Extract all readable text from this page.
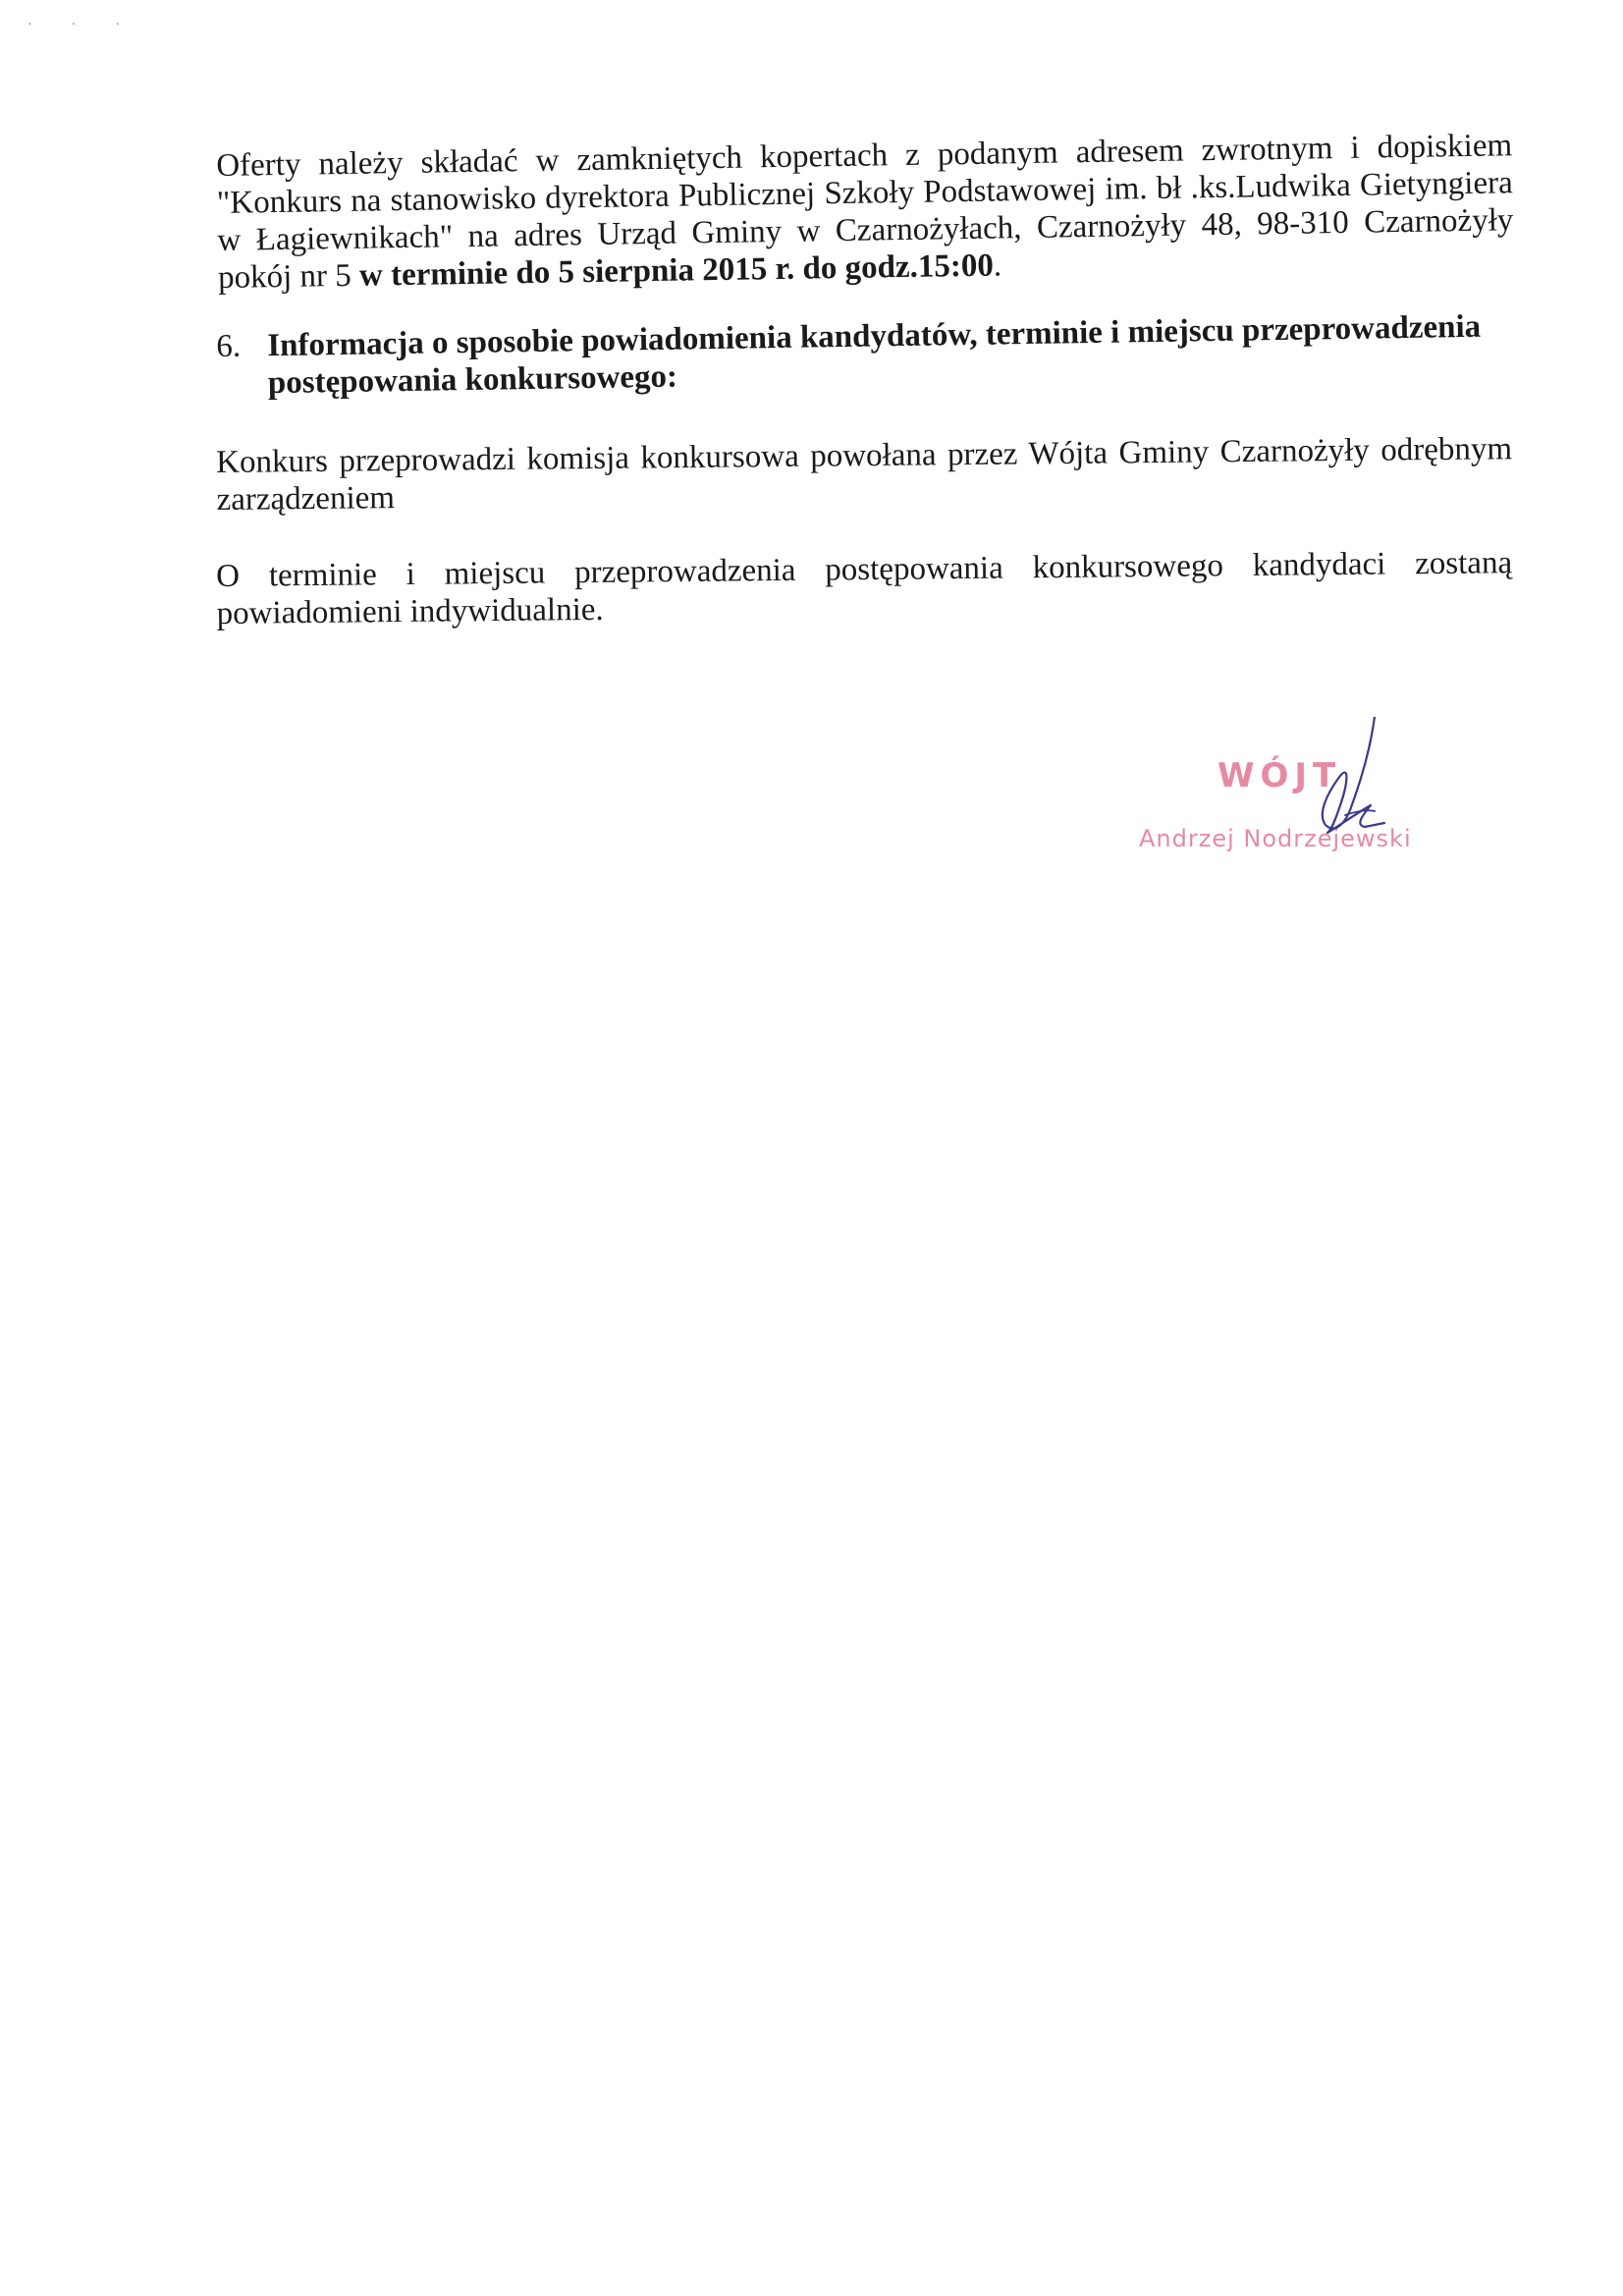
···

Oferty należy składać w zamkniętych kopertach z podanym adresem zwrotnym i dopiskiem "Konkurs na stanowisko dyrektora Publicznej Szkoły Podstawowej im. bł .ks.Ludwika Gietyngiera w Łagiewnikach" na adres Urząd Gminy w Czarnożyłach, Czarnożyły 48, 98-310 Czarnożyły pokój nr 5 w terminie do 5 sierpnia 2015 r. do godz.15:00.

6. Informacja o sposobie powiadomienia kandydatów, terminie i miejscu przeprowadzenia postępowania konkursowego:

Konkurs przeprowadzi komisja konkursowa powołana przez Wójta Gminy Czarnożyły odrębnym zarządzeniem

O terminie i miejscu przeprowadzenia postępowania konkursowego kandydaci zostaną powiadomieni indywidualnie.

WÓJT
Andrzej Nodrzejewski
